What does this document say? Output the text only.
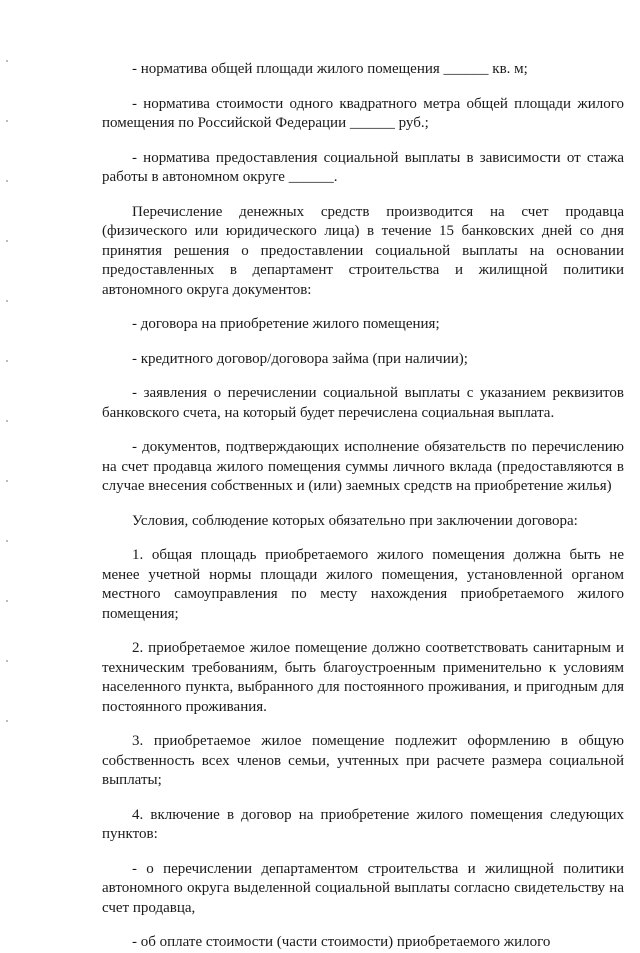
- норматива общей площади жилого помещения ______ кв. м;

- норматива стоимости одного квадратного метра общей площади жилого помещения по Российской Федерации ______ руб.;

- норматива предоставления социальной выплаты в зависимости от стажа работы в автономном округе ______.

Перечисление денежных средств производится на счет продавца (физического или юридического лица) в течение 15 банковских дней со дня принятия решения о предоставлении социальной выплаты на основании предоставленных в департамент строительства и жилищной политики автономного округа документов:

- договора на приобретение жилого помещения;

- кредитного договор/договора займа (при наличии);

- заявления о перечислении социальной выплаты с указанием реквизитов банковского счета, на который будет перечислена социальная выплата.

- документов, подтверждающих исполнение обязательств по перечислению на счет продавца жилого помещения суммы личного вклада (предоставляются в случае внесения собственных и (или) заемных средств на приобретение жилья)

Условия, соблюдение которых обязательно при заключении договора:

1. общая площадь приобретаемого жилого помещения должна быть не менее учетной нормы площади жилого помещения, установленной органом местного самоуправления по месту нахождения приобретаемого жилого помещения;

2. приобретаемое жилое помещение должно соответствовать санитарным и техническим требованиям, быть благоустроенным применительно к условиям населенного пункта, выбранного для постоянного проживания, и пригодным для постоянного проживания.

3. приобретаемое жилое помещение подлежит оформлению в общую собственность всех членов семьи, учтенных при расчете размера социальной выплаты;

4. включение в договор на приобретение жилого помещения следующих пунктов:

- о перечислении департаментом строительства и жилищной политики автономного округа выделенной социальной выплаты согласно свидетельству на счет продавца,

- об оплате стоимости (части стоимости) приобретаемого жилого
